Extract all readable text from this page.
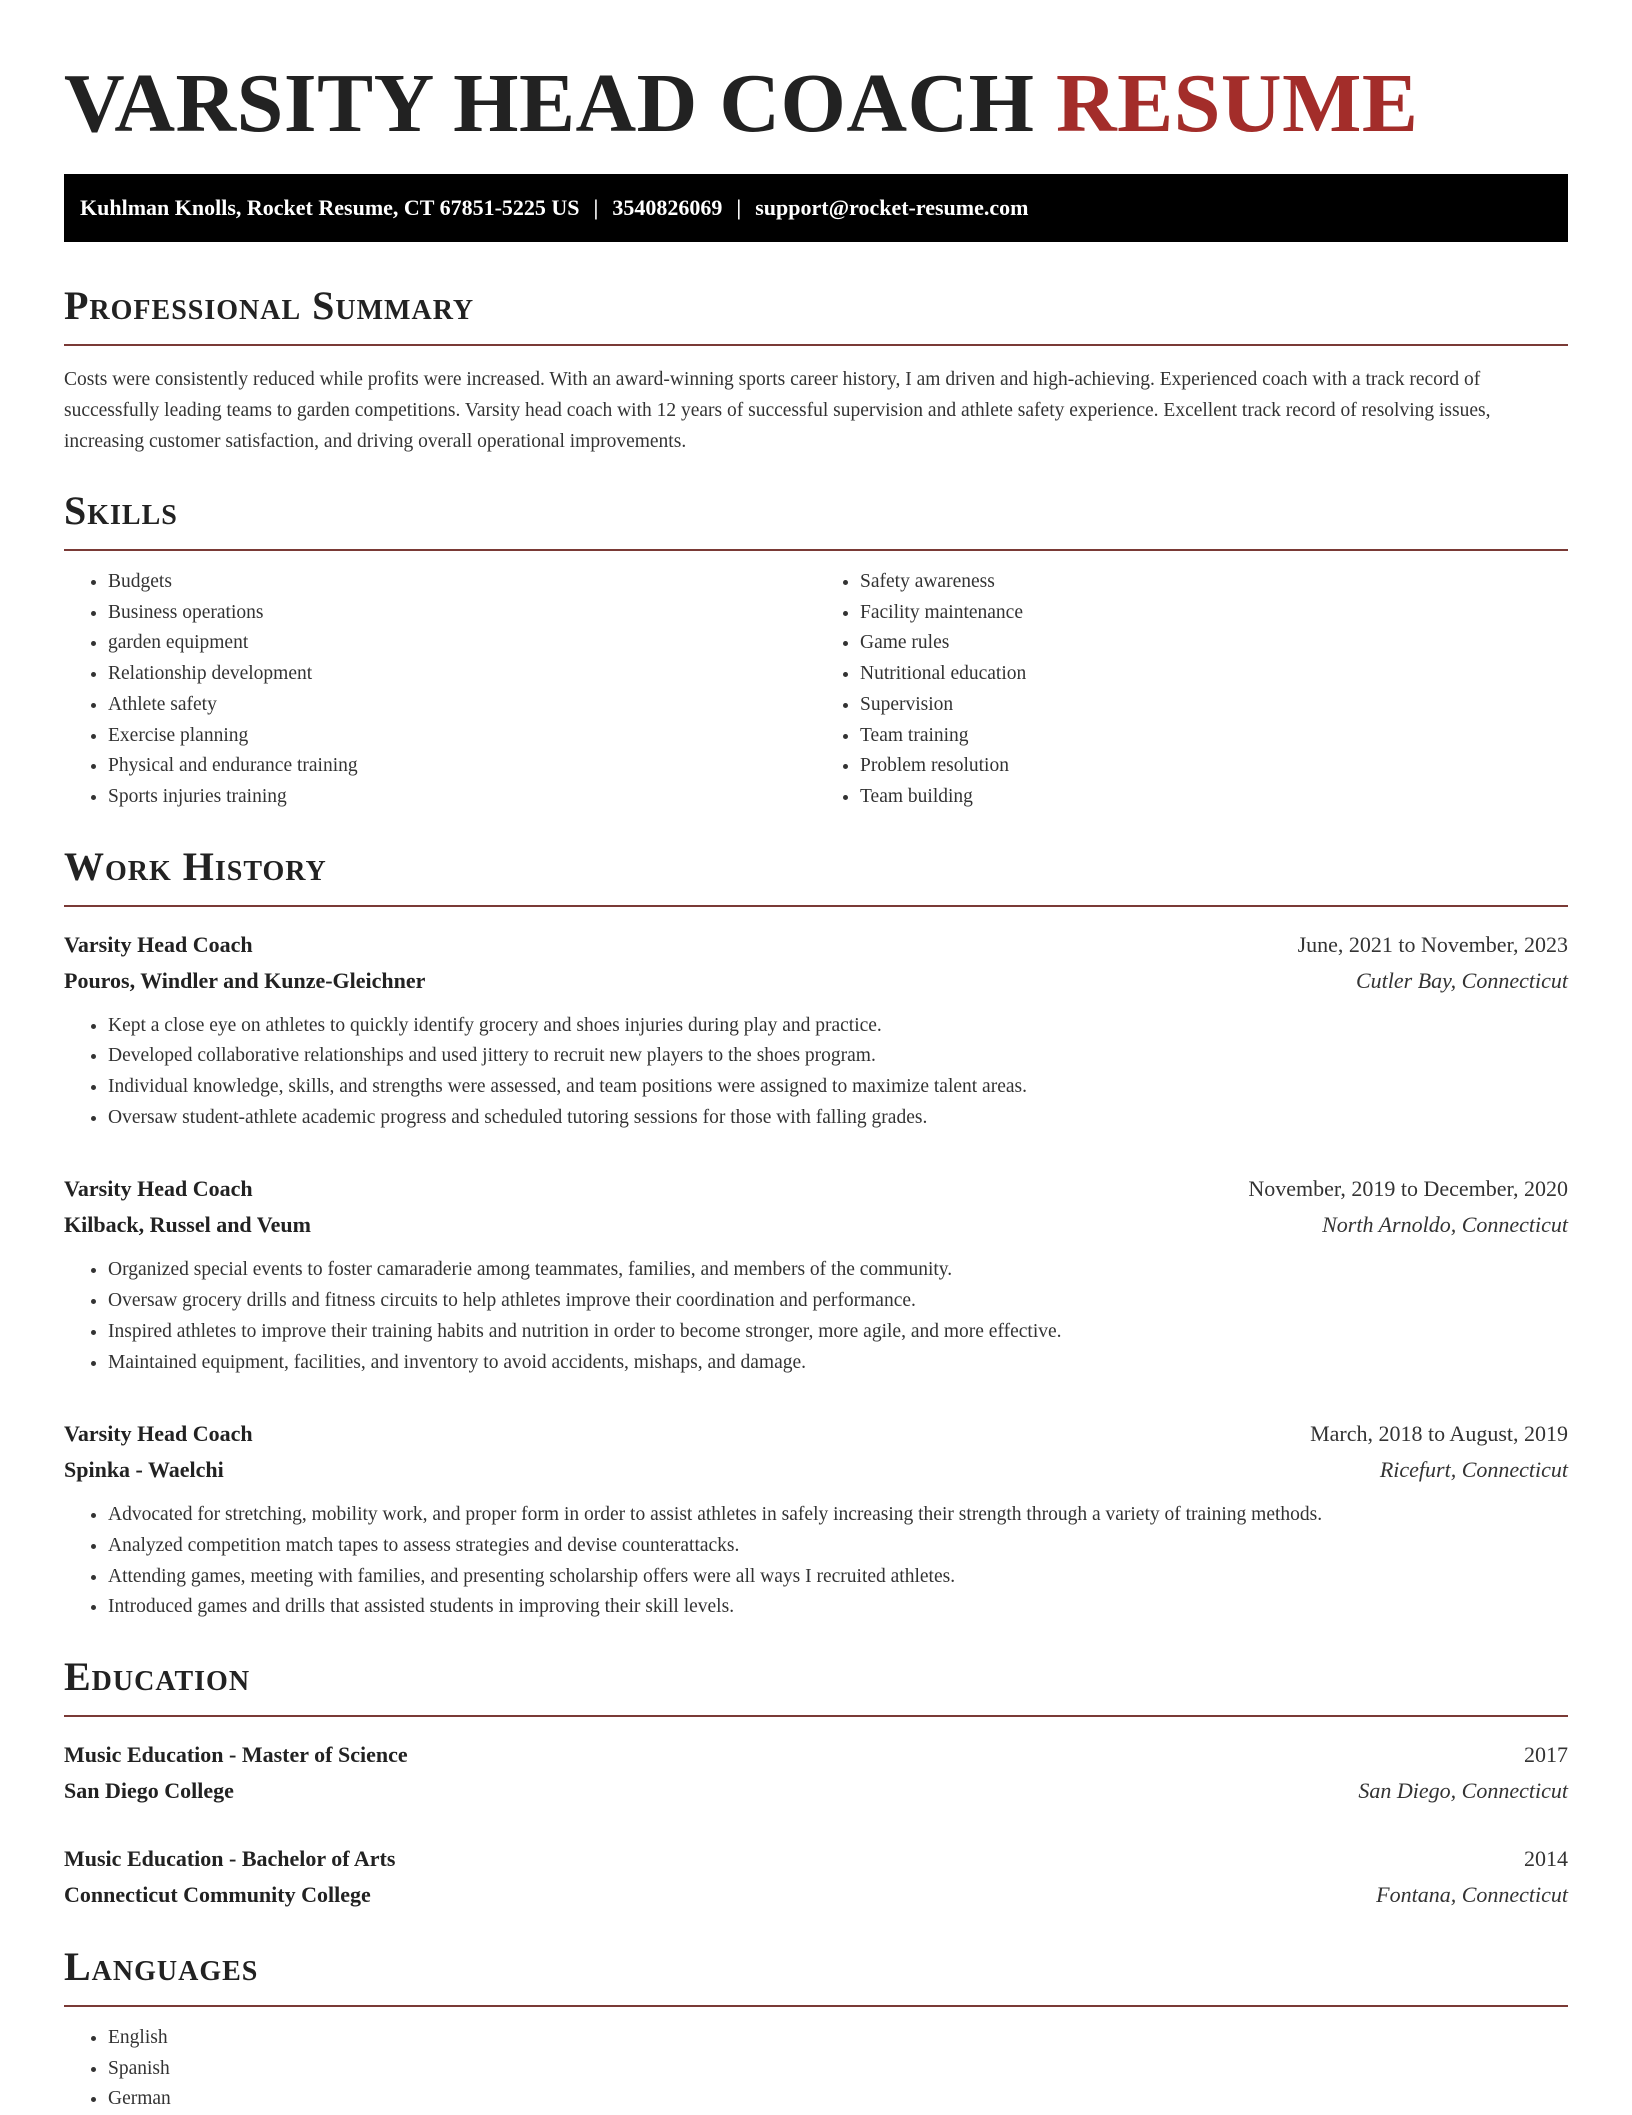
VARSITY HEAD COACH RESUME
Kuhlman Knolls, Rocket Resume, CT 67851-5225 US | 3540826069 | support@rocket-resume.com
Professional Summary

Costs were consistently reduced while profits were increased. With an award-winning sports career history, I am driven and high-achieving. Experienced coach with a track record of successfully leading teams to garden competitions. Varsity head coach with 12 years of successful supervision and athlete safety experience. Excellent track record of resolving issues, increasing customer satisfaction, and driving overall operational improvements.

Skills
• Budgets
• Business operations
• garden equipment
• Relationship development
• Athlete safety
• Exercise planning
• Physical and endurance training
• Sports injuries training
• Safety awareness
• Facility maintenance
• Game rules
• Nutritional education
• Supervision
• Team training
• Problem resolution
• Team building
Work History
Varsity Head Coach	June, 2021 to November, 2023
Pouros, Windler and Kunze-Gleichner	Cutler Bay, Connecticut
• Kept a close eye on athletes to quickly identify grocery and shoes injuries during play and practice.
• Developed collaborative relationships and used jittery to recruit new players to the shoes program.
• Individual knowledge, skills, and strengths were assessed, and team positions were assigned to maximize talent areas.
• Oversaw student-athlete academic progress and scheduled tutoring sessions for those with falling grades.
Varsity Head Coach	November, 2019 to December, 2020
Kilback, Russel and Veum	North Arnoldo, Connecticut
• Organized special events to foster camaraderie among teammates, families, and members of the community.
• Oversaw grocery drills and fitness circuits to help athletes improve their coordination and performance.
• Inspired athletes to improve their training habits and nutrition in order to become stronger, more agile, and more effective.
• Maintained equipment, facilities, and inventory to avoid accidents, mishaps, and damage.
Varsity Head Coach	March, 2018 to August, 2019
Spinka - Waelchi	Ricefurt, Connecticut
• Advocated for stretching, mobility work, and proper form in order to assist athletes in safely increasing their strength through a variety of training methods.
• Analyzed competition match tapes to assess strategies and devise counterattacks.
• Attending games, meeting with families, and presenting scholarship offers were all ways I recruited athletes.
• Introduced games and drills that assisted students in improving their skill levels.
Education
Music Education - Master of Science	2017
San Diego College	San Diego, Connecticut
Music Education - Bachelor of Arts	2014
Connecticut Community College	Fontana, Connecticut
Languages
• English
• Spanish
• German
